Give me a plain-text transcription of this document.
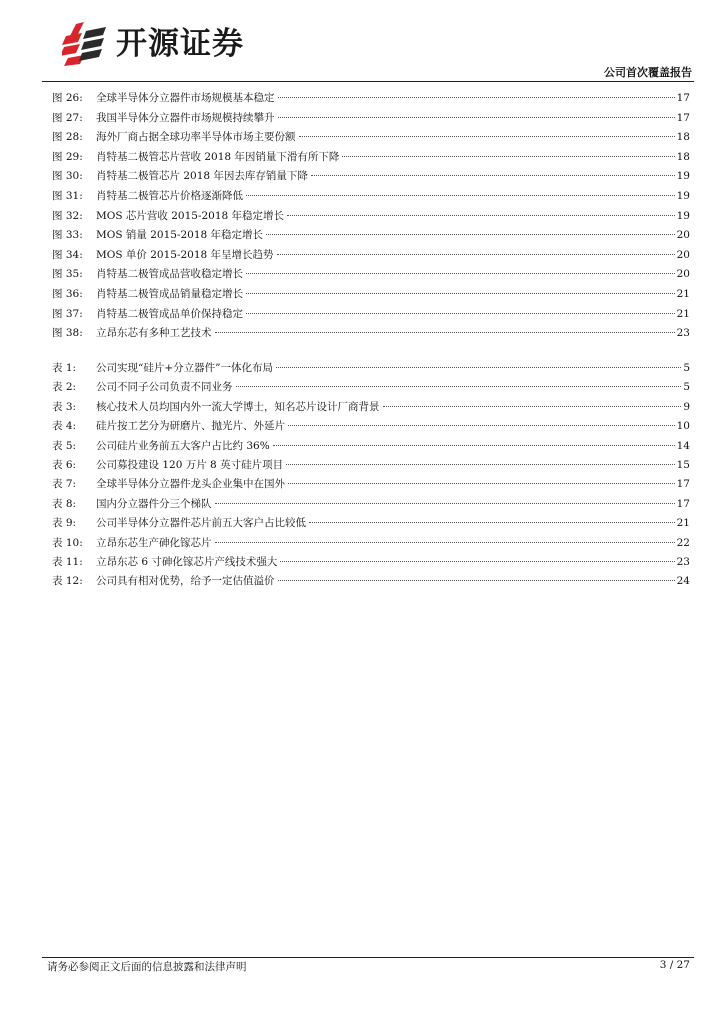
开源证券
公司首次覆盖报告
图 26:	全球半导体分立器件市场规模基本稳定	17
图 27:	我国半导体分立器件市场规模持续攀升	17
图 28:	海外厂商占据全球功率半导体市场主要份额	18
图 29:	肖特基二极管芯片营收 2018 年因销量下滑有所下降	18
图 30:	肖特基二极管芯片 2018 年因去库存销量下降	19
图 31:	肖特基二极管芯片价格逐渐降低	19
图 32:	MOS 芯片营收 2015-2018 年稳定增长	19
图 33:	MOS 销量 2015-2018 年稳定增长	20
图 34:	MOS 单价 2015-2018 年呈增长趋势	20
图 35:	肖特基二极管成品营收稳定增长	20
图 36:	肖特基二极管成品销量稳定增长	21
图 37:	肖特基二极管成品单价保持稳定	21
图 38:	立昂东芯有多种工艺技术	23
表 1:	公司实现“硅片+分立器件”一体化布局	5
表 2:	公司不同子公司负责不同业务	5
表 3:	核心技术人员均国内外一流大学博士，知名芯片设计厂商背景	9
表 4:	硅片按工艺分为研磨片、抛光片、外延片	10
表 5:	公司硅片业务前五大客户占比约 36%	14
表 6:	公司募投建设 120 万片 8 英寸硅片项目	15
表 7:	全球半导体分立器件龙头企业集中在国外	17
表 8:	国内分立器件分三个梯队	17
表 9:	公司半导体分立器件芯片前五大客户占比较低	21
表 10:	立昂东芯生产砷化镓芯片	22
表 11:	立昂东芯 6 寸砷化镓芯片产线技术强大	23
表 12:	公司具有相对优势，给予一定估值溢价	24
请务必参阅正文后面的信息披露和法律声明	3 / 27
